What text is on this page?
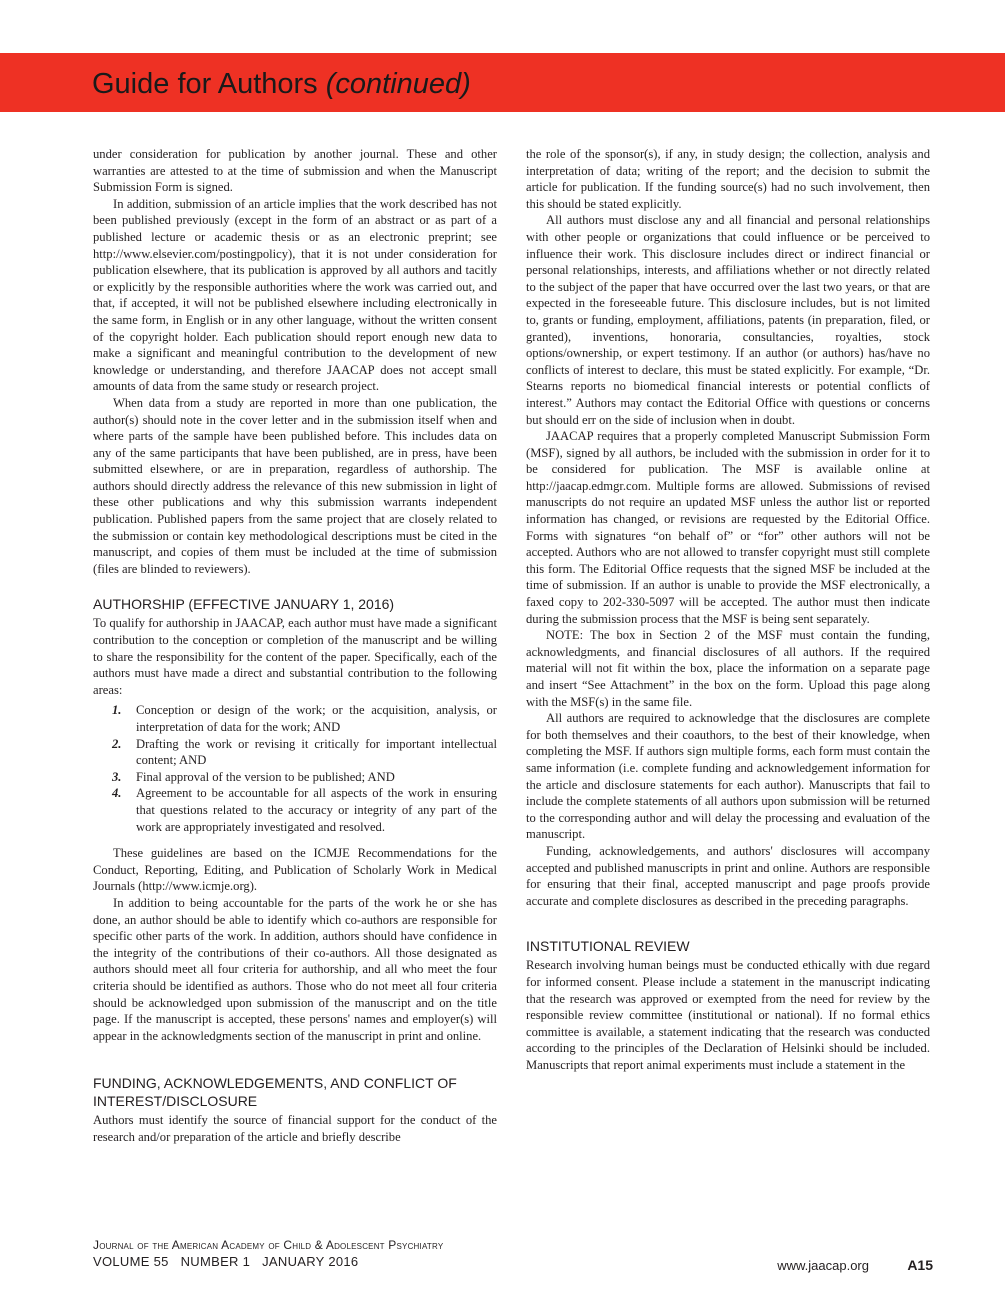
Guide for Authors (continued)

under consideration for publication by another journal. These and other warranties are attested to at the time of submission and when the Manuscript Submission Form is signed.

In addition, submission of an article implies that the work described has not been published previously (except in the form of an abstract or as part of a published lecture or academic thesis or as an electronic preprint; see http://www.elsevier.com/postingpolicy), that it is not under consideration for publication elsewhere, that its publication is approved by all authors and tacitly or explicitly by the responsible authorities where the work was carried out, and that, if accepted, it will not be published elsewhere including electronically in the same form, in English or in any other language, without the written consent of the copyright holder. Each publication should report enough new data to make a significant and meaningful contribution to the development of new knowledge or understanding, and therefore JAACAP does not accept small amounts of data from the same study or research project.

When data from a study are reported in more than one publication, the author(s) should note in the cover letter and in the submission itself when and where parts of the sample have been published before. This includes data on any of the same participants that have been published, are in press, have been submitted elsewhere, or are in preparation, regardless of authorship. The authors should directly address the relevance of this new submission in light of these other publications and why this submission warrants independent publication. Published papers from the same project that are closely related to the submission or contain key methodological descriptions must be cited in the manuscript, and copies of them must be included at the time of submission (files are blinded to reviewers).

AUTHORSHIP (EFFECTIVE JANUARY 1, 2016)

To qualify for authorship in JAACAP, each author must have made a significant contribution to the conception or completion of the manuscript and be willing to share the responsibility for the content of the paper. Specifically, each of the authors must have made a direct and substantial contribution to the following areas:

1. Conception or design of the work; or the acquisition, analysis, or interpretation of data for the work; AND
2. Drafting the work or revising it critically for important intellectual content; AND
3. Final approval of the version to be published; AND
4. Agreement to be accountable for all aspects of the work in ensuring that questions related to the accuracy or integrity of any part of the work are appropriately investigated and resolved.

These guidelines are based on the ICMJE Recommendations for the Conduct, Reporting, Editing, and Publication of Scholarly Work in Medical Journals (http://www.icmje.org).

In addition to being accountable for the parts of the work he or she has done, an author should be able to identify which co-authors are responsible for specific other parts of the work. In addition, authors should have confidence in the integrity of the contributions of their co-authors. All those designated as authors should meet all four criteria for authorship, and all who meet the four criteria should be identified as authors. Those who do not meet all four criteria should be acknowledged upon submission of the manuscript and on the title page. If the manuscript is accepted, these persons' names and employer(s) will appear in the acknowledgments section of the manuscript in print and online.

FUNDING, ACKNOWLEDGEMENTS, AND CONFLICT OF INTEREST/DISCLOSURE

Authors must identify the source of financial support for the conduct of the research and/or preparation of the article and briefly describe

the role of the sponsor(s), if any, in study design; the collection, analysis and interpretation of data; writing of the report; and the decision to submit the article for publication. If the funding source(s) had no such involvement, then this should be stated explicitly.

All authors must disclose any and all financial and personal relationships with other people or organizations that could influence or be perceived to influence their work. This disclosure includes direct or indirect financial or personal relationships, interests, and affiliations whether or not directly related to the subject of the paper that have occurred over the last two years, or that are expected in the foreseeable future. This disclosure includes, but is not limited to, grants or funding, employment, affiliations, patents (in preparation, filed, or granted), inventions, honoraria, consultancies, royalties, stock options/ownership, or expert testimony. If an author (or authors) has/have no conflicts of interest to declare, this must be stated explicitly. For example, “Dr. Stearns reports no biomedical financial interests or potential conflicts of interest.” Authors may contact the Editorial Office with questions or concerns but should err on the side of inclusion when in doubt.

JAACAP requires that a properly completed Manuscript Submission Form (MSF), signed by all authors, be included with the submission in order for it to be considered for publication. The MSF is available online at http://jaacap.edmgr.com. Multiple forms are allowed. Submissions of revised manuscripts do not require an updated MSF unless the author list or reported information has changed, or revisions are requested by the Editorial Office. Forms with signatures “on behalf of” or “for” other authors will not be accepted. Authors who are not allowed to transfer copyright must still complete this form. The Editorial Office requests that the signed MSF be included at the time of submission. If an author is unable to provide the MSF electronically, a faxed copy to 202-330-5097 will be accepted. The author must then indicate during the submission process that the MSF is being sent separately.

NOTE: The box in Section 2 of the MSF must contain the funding, acknowledgments, and financial disclosures of all authors. If the required material will not fit within the box, place the information on a separate page and insert “See Attachment” in the box on the form. Upload this page along with the MSF(s) in the same file.

All authors are required to acknowledge that the disclosures are complete for both themselves and their coauthors, to the best of their knowledge, when completing the MSF. If authors sign multiple forms, each form must contain the same information (i.e. complete funding and acknowledgement information for the article and disclosure statements for each author). Manuscripts that fail to include the complete statements of all authors upon submission will be returned to the corresponding author and will delay the processing and evaluation of the manuscript.

Funding, acknowledgements, and authors' disclosures will accompany accepted and published manuscripts in print and online. Authors are responsible for ensuring that their final, accepted manuscript and page proofs provide accurate and complete disclosures as described in the preceding paragraphs.

INSTITUTIONAL REVIEW

Research involving human beings must be conducted ethically with due regard for informed consent. Please include a statement in the manuscript indicating that the research was approved or exempted from the need for review by the responsible review committee (institutional or national). If no formal ethics committee is available, a statement indicating that the research was conducted according to the principles of the Declaration of Helsinki should be included. Manuscripts that report animal experiments must include a statement in the

Journal of the American Academy of Child & Adolescent Psychiatry
VOLUME 55 NUMBER 1 JANUARY 2016	www.jaacap.org	A15
